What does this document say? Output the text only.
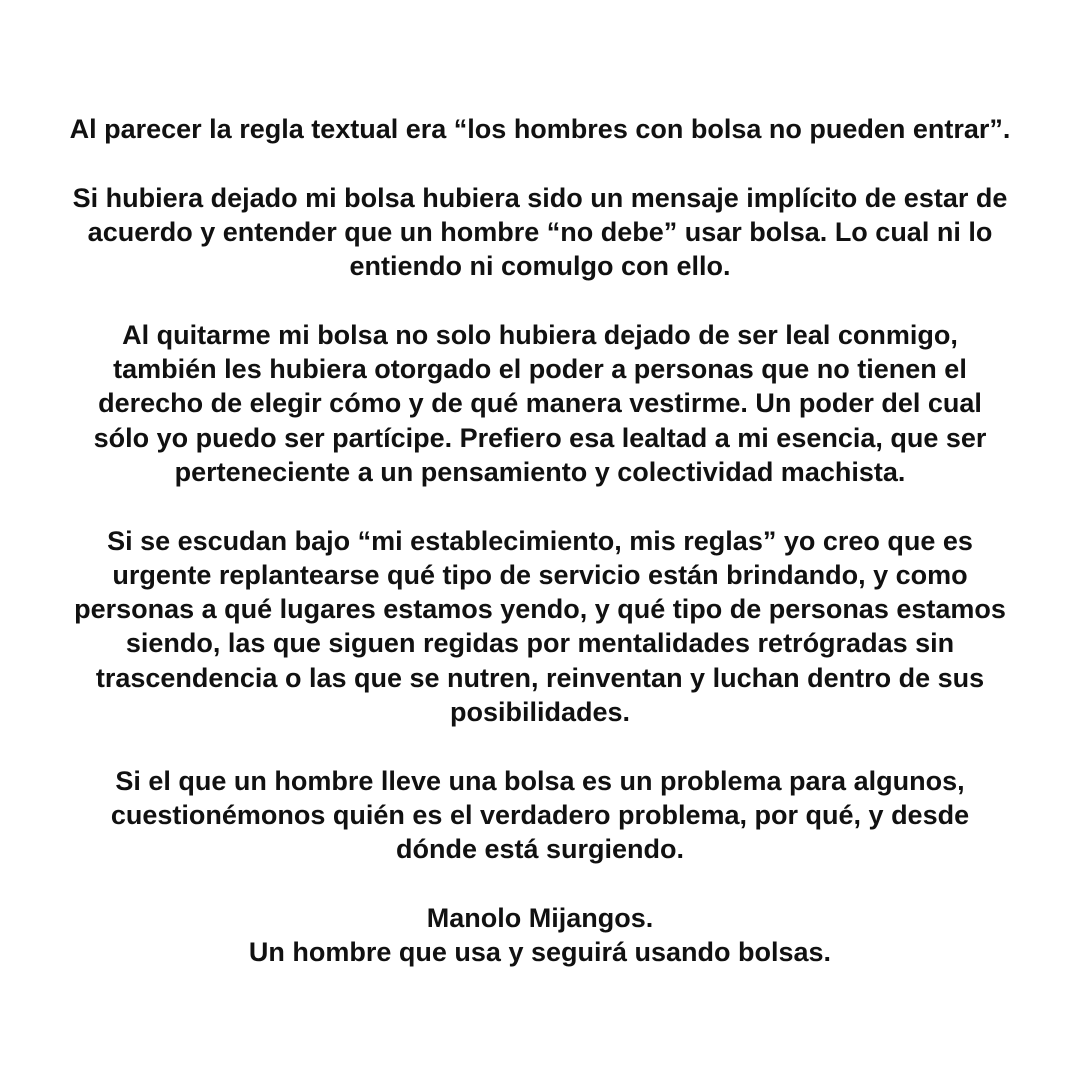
Al parecer la regla textual era “los hombres con bolsa no pueden entrar”.

Si hubiera dejado mi bolsa hubiera sido un mensaje implícito de estar de
acuerdo y entender que un hombre “no debe” usar bolsa. Lo cual ni lo
entiendo ni comulgo con ello.

Al quitarme mi bolsa no solo hubiera dejado de ser leal conmigo,
también les hubiera otorgado el poder a personas que no tienen el
derecho de elegir cómo y de qué manera vestirme. Un poder del cual
sólo yo puedo ser partícipe. Prefiero esa lealtad a mi esencia, que ser
perteneciente a un pensamiento y colectividad machista.

Si se escudan bajo “mi establecimiento, mis reglas” yo creo que es
urgente replantearse qué tipo de servicio están brindando, y como
personas a qué lugares estamos yendo, y qué tipo de personas estamos
siendo, las que siguen regidas por mentalidades retrógradas sin
trascendencia o las que se nutren, reinventan y luchan dentro de sus
posibilidades.

Si el que un hombre lleve una bolsa es un problema para algunos,
cuestionémonos quién es el verdadero problema, por qué, y desde
dónde está surgiendo.

Manolo Mijangos.
Un hombre que usa y seguirá usando bolsas.
